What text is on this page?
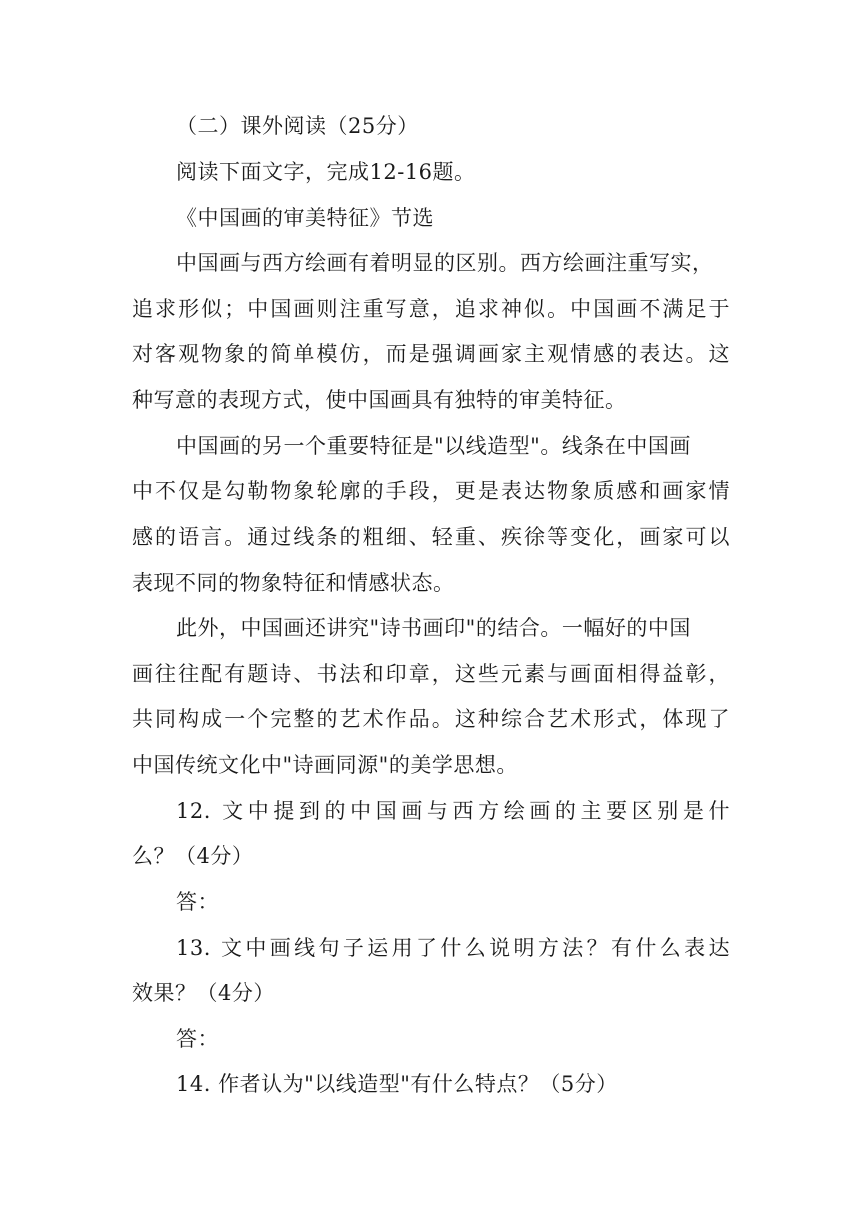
（二）课外阅读（25分）
阅读下面文字，完成12-16题。
《中国画的审美特征》节选
中国画与西方绘画有着明显的区别。西方绘画注重写实，
追求形似；中国画则注重写意，追求神似。中国画不满足于
对客观物象的简单模仿，而是强调画家主观情感的表达。这
种写意的表现方式，使中国画具有独特的审美特征。
中国画的另一个重要特征是"以线造型"。线条在中国画
中不仅是勾勒物象轮廓的手段，更是表达物象质感和画家情
感的语言。通过线条的粗细、轻重、疾徐等变化，画家可以
表现不同的物象特征和情感状态。
此外，中国画还讲究"诗书画印"的结合。一幅好的中国
画往往配有题诗、书法和印章，这些元素与画面相得益彰，
共同构成一个完整的艺术作品。这种综合艺术形式，体现了
中国传统文化中"诗画同源"的美学思想。
12. 文中提到的中国画与西方绘画的主要区别是什
么？（4分）
答：
13. 文中画线句子运用了什么说明方法？有什么表达
效果？（4分）
答：
14. 作者认为"以线造型"有什么特点？（5分）
